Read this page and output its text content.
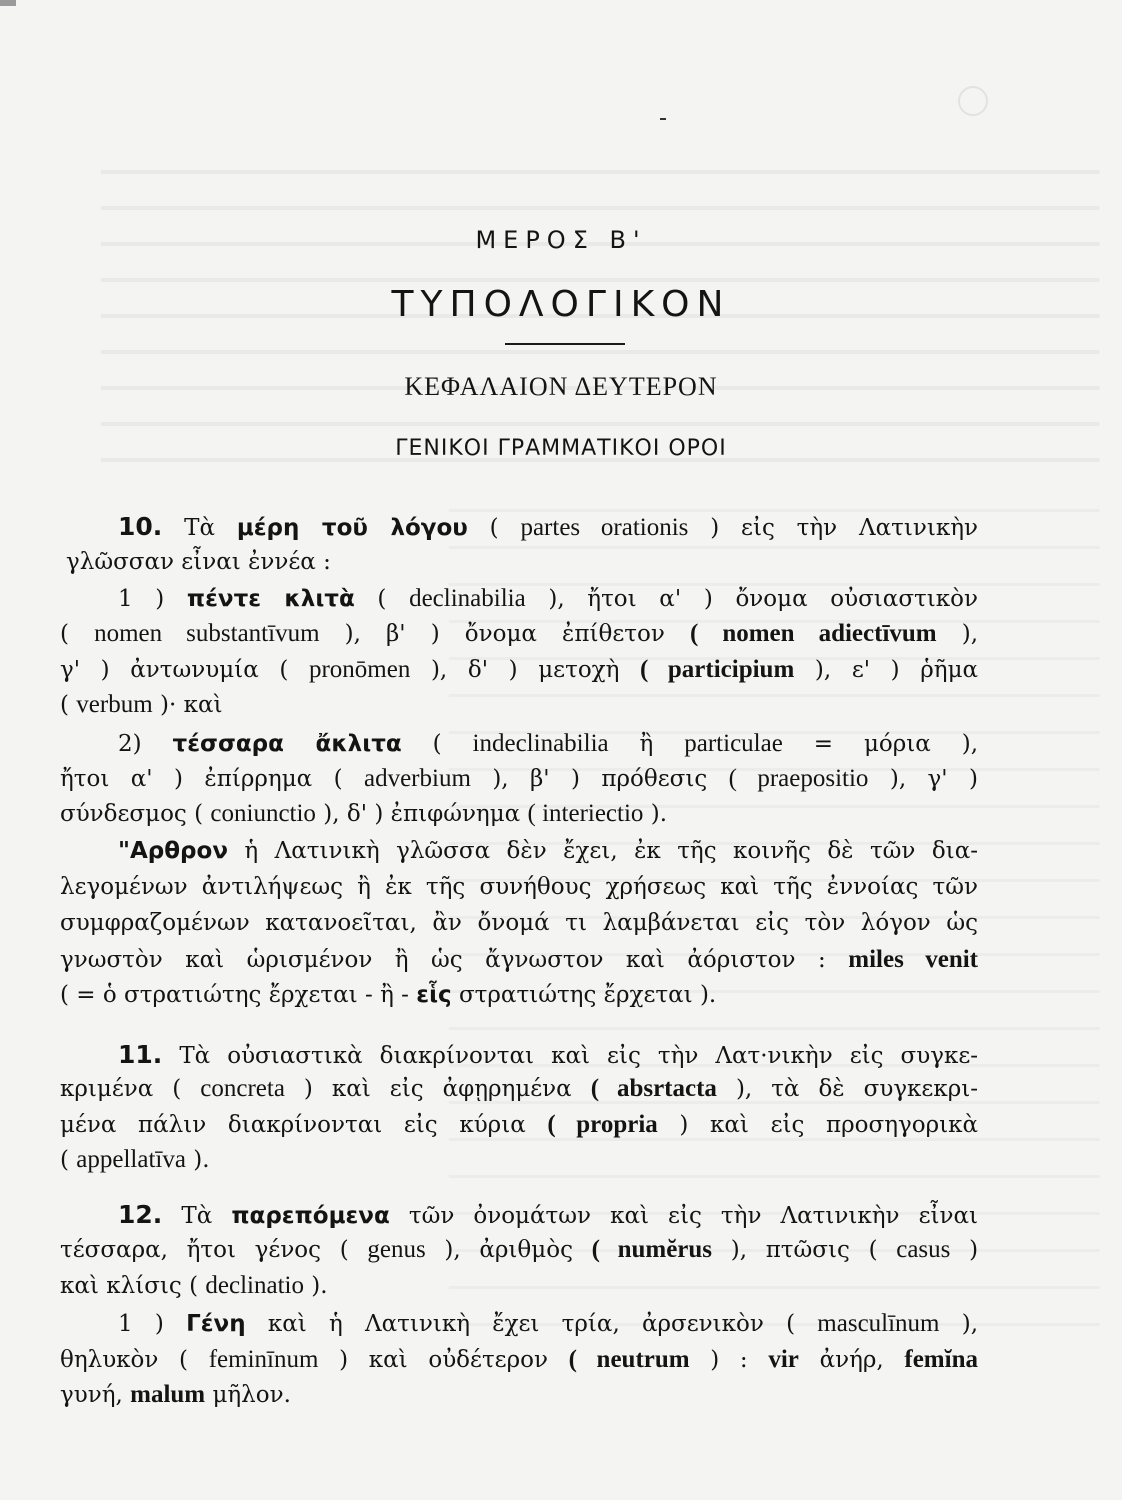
ΜΕΡΟΣ Β'
ΤΥΠΟΛΟΓΙΚΟΝ
ΚΕΦΑΛΑΙΟΝ ΔΕΥΤΕΡΟΝ
ΓΕΝΙΚΟΙ ΓΡΑΜΜΑΤΙΚΟΙ ΟΡΟΙ
10. Τὰ μέρη τοῦ λόγου ( partes orationis ) εἰς τὴν Λατινικὴν
γλῶσσαν εἶναι ἐννέα :
1 ) πέντε κλιτὰ ( declinabilia ), ἤτοι α' ) ὄνομα οὐσιαστικὸν
( nomen substantīvum ), β' ) ὄνομα ἐπίθετον ( nomen adiectīvum ),
γ' ) ἀντωνυμία ( pronōmen ), δ' ) μετοχὴ ( participium ), ε' ) ῥῆμα
( verbum )· καὶ
2) τέσσαρα ἄκλιτα ( indeclinabilia ἢ particulae = μόρια ),
ἤτοι α' ) ἐπίρρημα ( adverbium ), β' ) πρόθεσις ( praepositio ), γ' )
σύνδεσμος ( coniunctio ), δ' ) ἐπιφώνημα ( interiectio ).
"Αρθρον ἡ Λατινικὴ γλῶσσα δὲν ἔχει, ἐκ τῆς κοινῆς δὲ τῶν δια-
λεγομένων ἀντιλήψεως ἢ ἐκ τῆς συνήθους χρήσεως καὶ τῆς ἐννοίας τῶν
συμφραζομένων κατανοεῖται, ἂν ὄνομά τι λαμβάνεται εἰς τὸν λόγον ὡς
γνωστὸν καὶ ὡρισμένον ἢ ὡς ἄγνωστον καὶ ἀόριστον : miles venit
( = ὁ στρατιώτης ἔρχεται - ἢ - εἷς στρατιώτης ἔρχεται ).
11. Τὰ οὐσιαστικὰ διακρίνονται καὶ εἰς τὴν Λατ·νικὴν εἰς συγκε-
κριμένα ( concreta ) καὶ εἰς ἀφῃρημένα ( absrtacta ), τὰ δὲ συγκεκρι-
μένα πάλιν διακρίνονται εἰς κύρια ( propria ) καὶ εἰς προσηγορικὰ
( appellatīva ).
12. Τὰ παρεπόμενα τῶν ὀνομάτων καὶ εἰς τὴν Λατινικὴν εἶναι
τέσσαρα, ἤτοι γένος ( genus ), ἀριθμὸς ( numĕrus ), πτῶσις ( casus )
καὶ κλίσις ( declinatio ).
1 ) Γένη καὶ ἡ Λατινικὴ ἔχει τρία, ἀρσενικὸν ( masculīnum ),
θηλυκὸν ( feminīnum ) καὶ οὐδέτερον ( neutrum ) : vir ἀνήρ, femĭna
γυνή, malum μῆλον.
